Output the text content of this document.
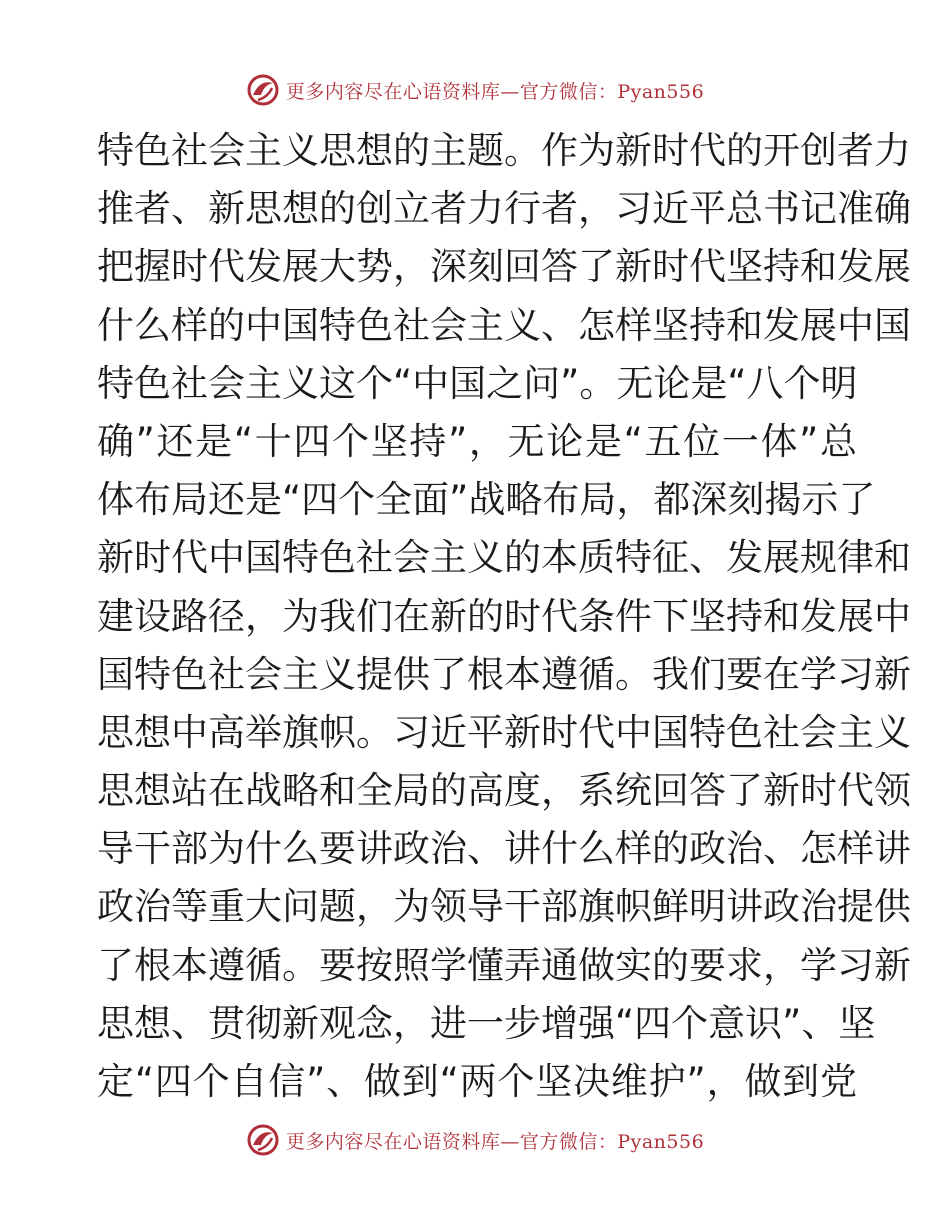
更多内容尽在心语资料库—官方微信：Pyan556
特色社会主义思想的主题。作为新时代的开创者力
推者、新思想的创立者力行者，习近平总书记准确
把握时代发展大势，深刻回答了新时代坚持和发展
什么样的中国特色社会主义、怎样坚持和发展中国
特色社会主义这个“中国之问”。无论是“八个明
确”还是“十四个坚持”，无论是“五位一体”总
体布局还是“四个全面”战略布局，都深刻揭示了
新时代中国特色社会主义的本质特征、发展规律和
建设路径，为我们在新的时代条件下坚持和发展中
国特色社会主义提供了根本遵循。我们要在学习新
思想中高举旗帜。习近平新时代中国特色社会主义
思想站在战略和全局的高度，系统回答了新时代领
导干部为什么要讲政治、讲什么样的政治、怎样讲
政治等重大问题，为领导干部旗帜鲜明讲政治提供
了根本遵循。要按照学懂弄通做实的要求，学习新
思想、贯彻新观念，进一步增强“四个意识”、坚
定“四个自信”、做到“两个坚决维护”，做到党
更多内容尽在心语资料库—官方微信：Pyan556
